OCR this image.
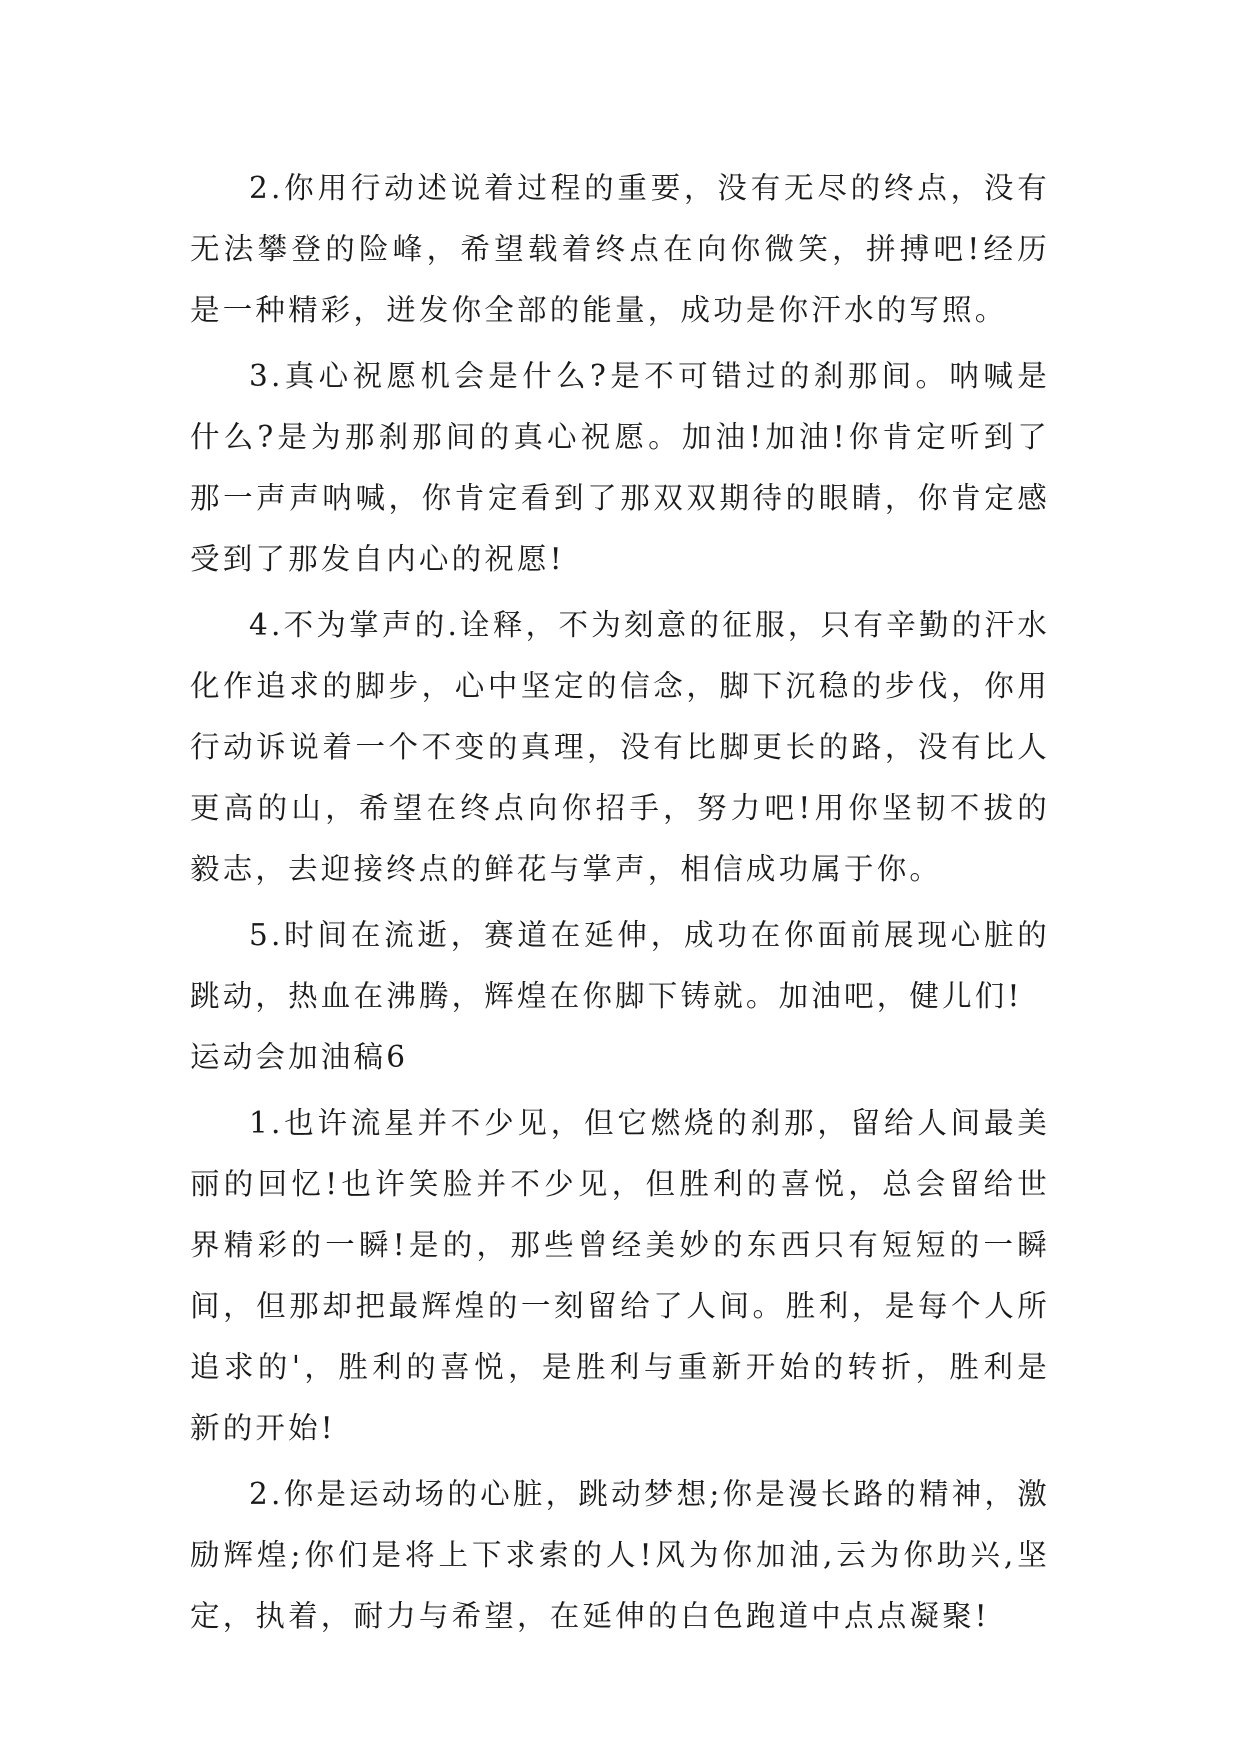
2.你用行动述说着过程的重要，没有无尽的终点，没有无法攀登的险峰，希望载着终点在向你微笑，拼搏吧!经历是一种精彩，迸发你全部的能量，成功是你汗水的写照。

3.真心祝愿机会是什么?是不可错过的刹那间。呐喊是什么?是为那刹那间的真心祝愿。加油!加油!你肯定听到了那一声声呐喊，你肯定看到了那双双期待的眼睛，你肯定感受到了那发自内心的祝愿!

4.不为掌声的.诠释，不为刻意的征服，只有辛勤的汗水化作追求的脚步，心中坚定的信念，脚下沉稳的步伐，你用行动诉说着一个不变的真理，没有比脚更长的路，没有比人更高的山，希望在终点向你招手，努力吧!用你坚韧不拔的毅志，去迎接终点的鲜花与掌声，相信成功属于你。

5.时间在流逝，赛道在延伸，成功在你面前展现心脏的跳动，热血在沸腾，辉煌在你脚下铸就。加油吧，健儿们!

运动会加油稿6

1.也许流星并不少见，但它燃烧的刹那，留给人间最美丽的回忆!也许笑脸并不少见，但胜利的喜悦，总会留给世界精彩的一瞬!是的，那些曾经美妙的东西只有短短的一瞬间，但那却把最辉煌的一刻留给了人间。胜利，是每个人所追求的'，胜利的喜悦，是胜利与重新开始的转折，胜利是新的开始!

2.你是运动场的心脏，跳动梦想;你是漫长路的精神，激励辉煌;你们是将上下求索的人!风为你加油,云为你助兴,坚定，执着，耐力与希望，在延伸的白色跑道中点点凝聚!
